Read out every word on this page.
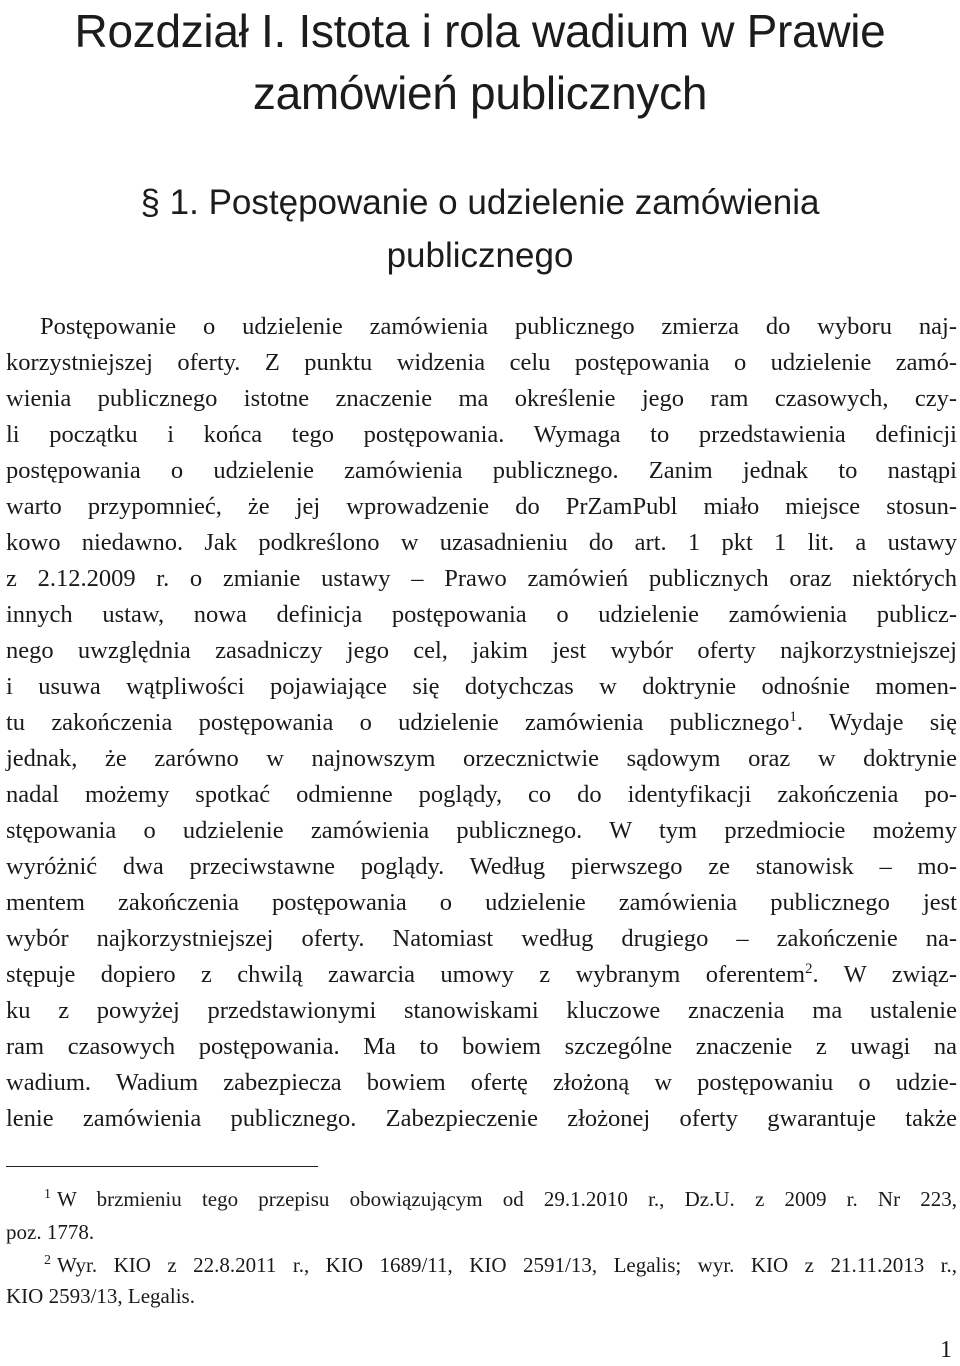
Rozdział I. Istota i rola wadium w Prawie
zamówień publicznych
§ 1. Postępowanie o udzielenie zamówienia
publicznego
Postępowanie o udzielenie zamówienia publicznego zmierza do wyboru naj-
korzystniejszej oferty. Z punktu widzenia celu postępowania o udzielenie zamó-
wienia publicznego istotne znaczenie ma określenie jego ram czasowych, czy-
li początku i końca tego postępowania. Wymaga to przedstawienia definicji
postępowania o udzielenie zamówienia publicznego. Zanim jednak to nastąpi
warto przypomnieć, że jej wprowadzenie do PrZamPubl miało miejsce stosun-
kowo niedawno. Jak podkreślono w uzasadnieniu do art. 1 pkt 1 lit. a ustawy
z 2.12.2009 r. o zmianie ustawy – Prawo zamówień publicznych oraz niektórych
innych ustaw, nowa definicja postępowania o udzielenie zamówienia publicz-
nego uwzględnia zasadniczy jego cel, jakim jest wybór oferty najkorzystniejszej
i usuwa wątpliwości pojawiające się dotychczas w doktrynie odnośnie momen-
tu zakończenia postępowania o udzielenie zamówienia publicznego$^1$. Wydaje się
jednak, że zarówno w najnowszym orzecznictwie sądowym oraz w doktrynie
nadal możemy spotkać odmienne poglądy, co do identyfikacji zakończenia po-
stępowania o udzielenie zamówienia publicznego. W tym przedmiocie możemy
wyróżnić dwa przeciwstawne poglądy. Według pierwszego ze stanowisk – mo-
mentem zakończenia postępowania o udzielenie zamówienia publicznego jest
wybór najkorzystniejszej oferty. Natomiast według drugiego – zakończenie na-
stępuje dopiero z chwilą zawarcia umowy z wybranym oferentem$^2$. W związ-
ku z powyżej przedstawionymi stanowiskami kluczowe znaczenia ma ustalenie
ram czasowych postępowania. Ma to bowiem szczególne znaczenie z uwagi na
wadium. Wadium zabezpiecza bowiem ofertę złożoną w postępowaniu o udzie-
lenie zamówienia publicznego. Zabezpieczenie złożonej oferty gwarantuje także
$^1$ W brzmieniu tego przepisu obowiązującym od 29.1.2010 r., Dz.U. z 2009 r. Nr 223,
poz. 1778.
$^2$ Wyr. KIO z 22.8.2011 r., KIO 1689/11, KIO 2591/13, Legalis; wyr. KIO z 21.11.2013 r.,
KIO 2593/13, Legalis.
1
